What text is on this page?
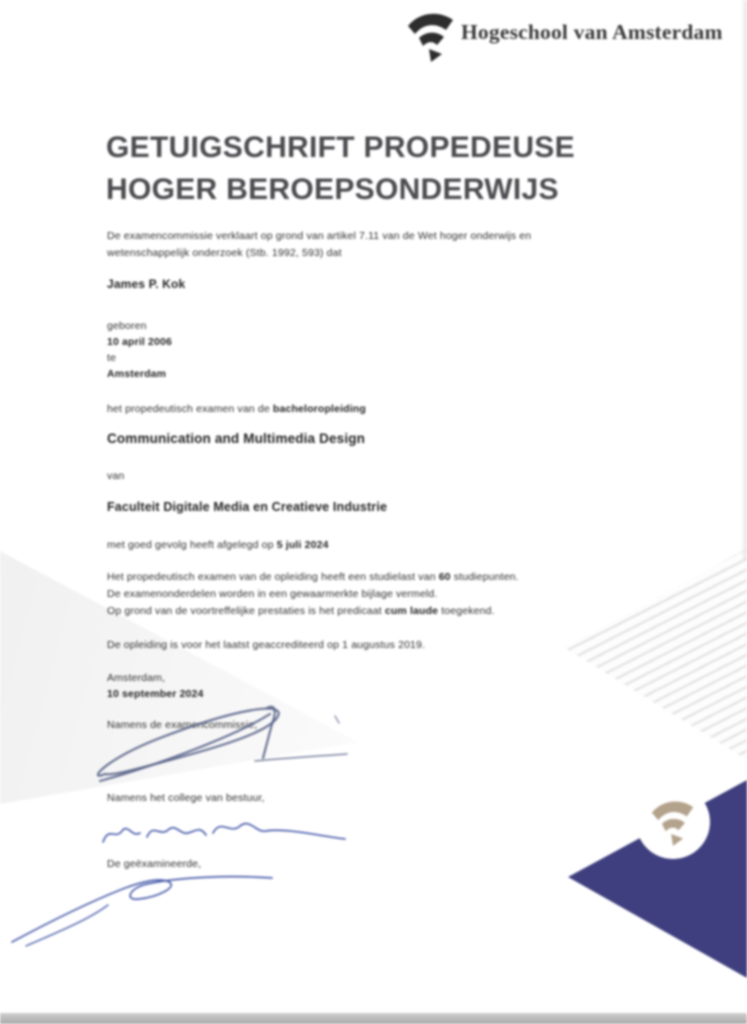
Hogeschool van Amsterdam
GETUIGSCHRIFT PROPEDEUSE
HOGER BEROEPSONDERWIJS
De examencommissie verklaart op grond van artikel 7.11 van de Wet hoger onderwijs en
wetenschappelijk onderzoek (Stb. 1992, 593) dat
James P. Kok
geboren
10 april 2006
te
Amsterdam
het propedeutisch examen van de bacheloropleiding
Communication and Multimedia Design
van
Faculteit Digitale Media en Creatieve Industrie
met goed gevolg heeft afgelegd op 5 juli 2024
Het propedeutisch examen van de opleiding heeft een studielast van 60 studiepunten.
De examenonderdelen worden in een gewaarmerkte bijlage vermeld.
Op grond van de voortreffelijke prestaties is het predicaat cum laude toegekend.
De opleiding is voor het laatst geaccrediteerd op 1 augustus 2019.
Amsterdam,
10 september 2024
Namens de examencommissie,
Namens het college van bestuur,
De geëxamineerde,
